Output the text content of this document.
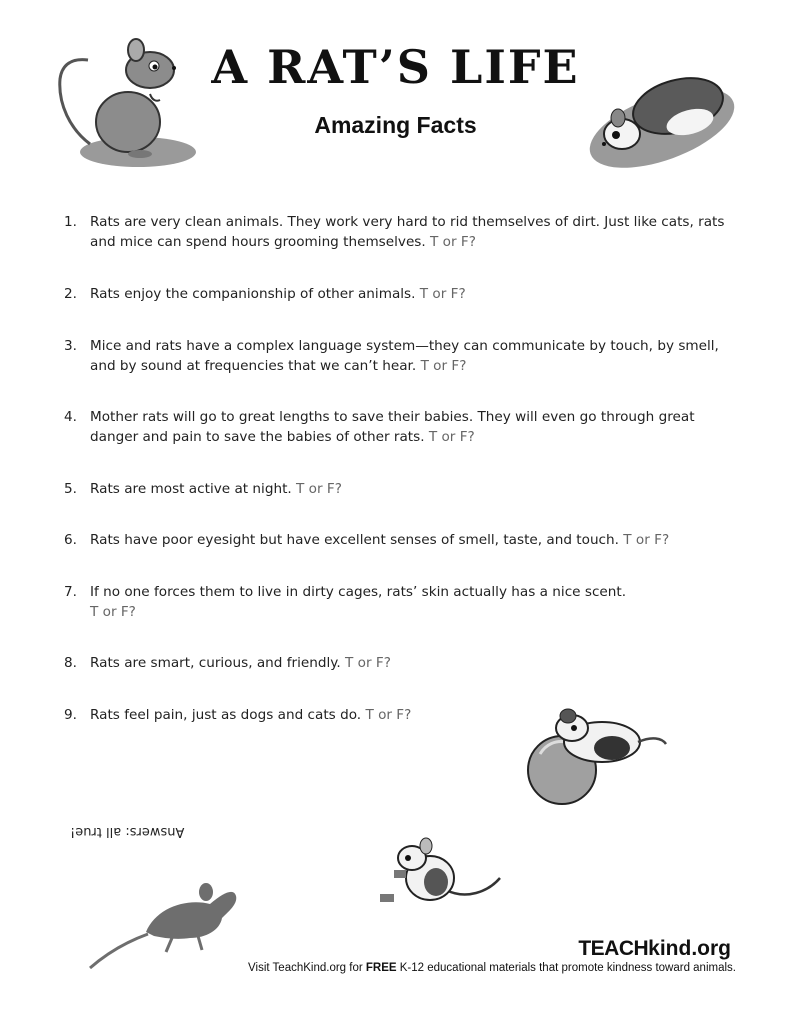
A RAT’S LIFE
Amazing Facts
1. Rats are very clean animals. They work very hard to rid themselves of dirt. Just like cats, rats and mice can spend hours grooming themselves. T or F?
2. Rats enjoy the companionship of other animals. T or F?
3. Mice and rats have a complex language system—they can communicate by touch, by smell, and by sound at frequencies that we can’t hear. T or F?
4. Mother rats will go to great lengths to save their babies. They will even go through great danger and pain to save the babies of other rats. T or F?
5. Rats are most active at night. T or F?
6. Rats have poor eyesight but have excellent senses of smell, taste, and touch. T or F?
7. If no one forces them to live in dirty cages, rats’ skin actually has a nice scent.
T or F?
8. Rats are smart, curious, and friendly. T or F?
9. Rats feel pain, just as dogs and cats do. T or F?
Answers: all true!
TEACHkind.org
Visit TeachKind.org for FREE K-12 educational materials that promote kindness toward animals.
